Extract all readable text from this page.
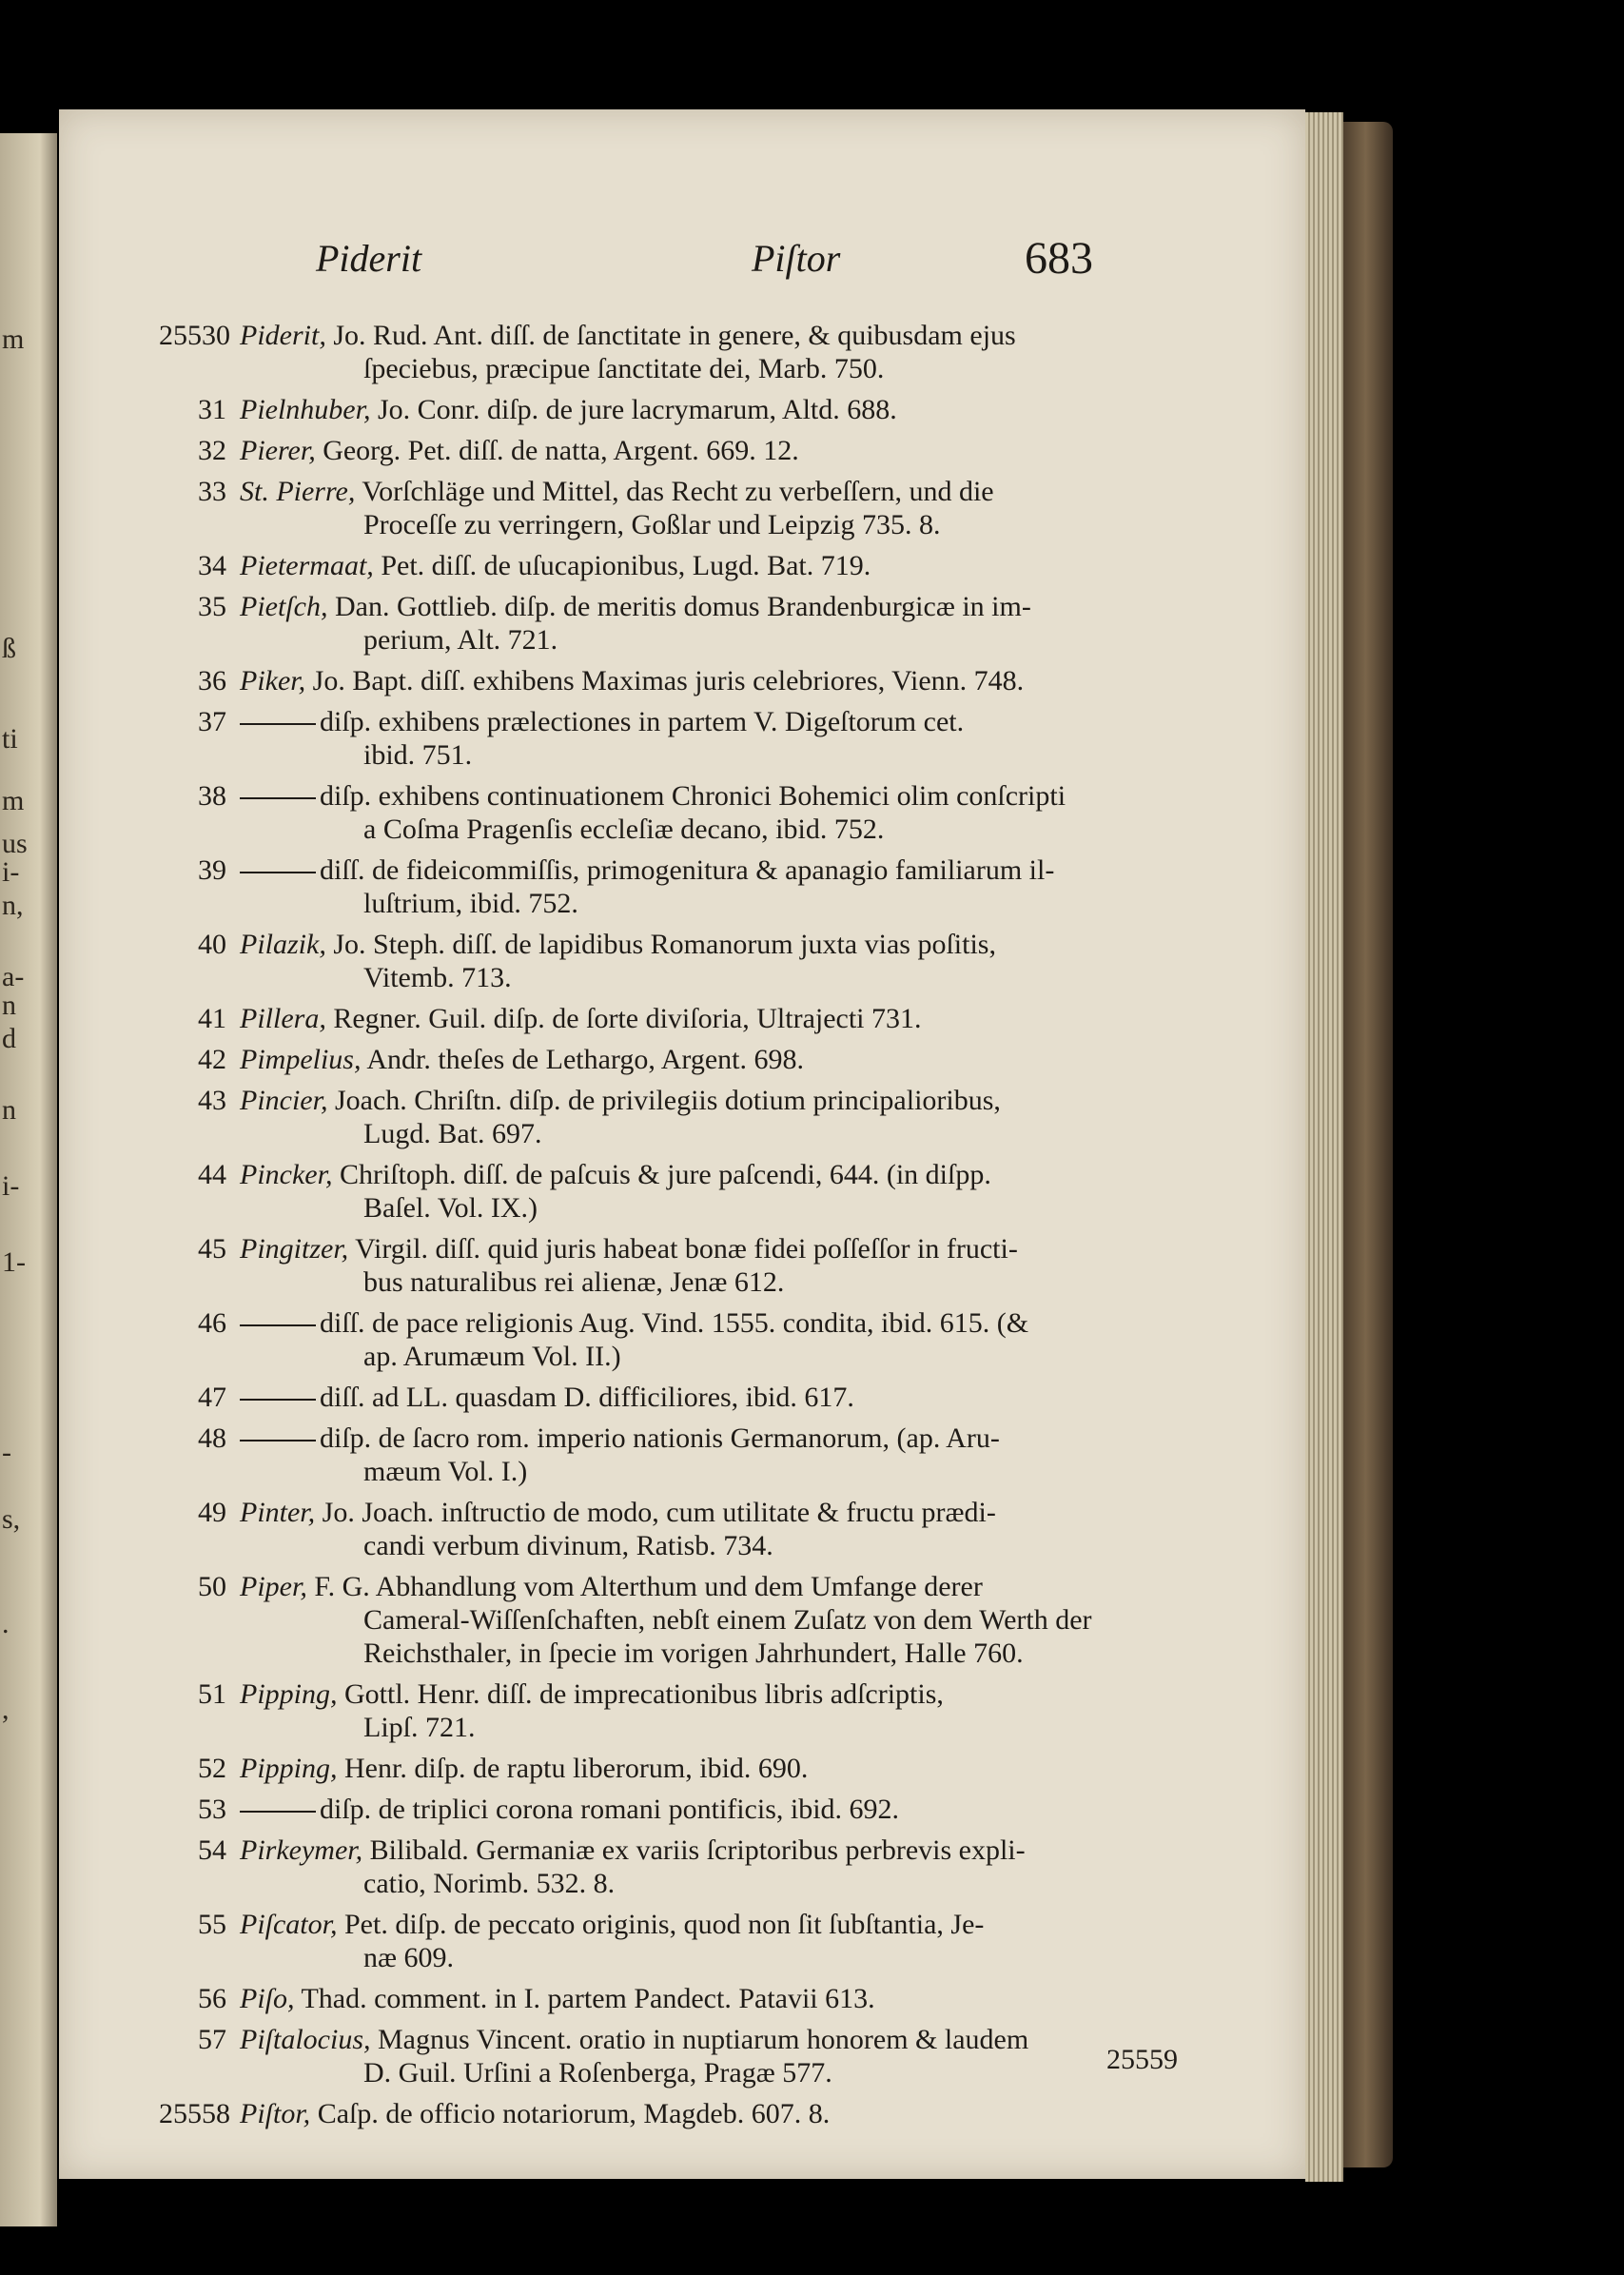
m
ß
ti
m
us
i-
n,
a-
n
d
n
i-
1-
-
s,
.
,
Piderit	Piſtor	683
25530 Piderit, Jo. Rud. Ant. diſſ. de ſanctitate in genere, & quibusdam ejus
ſpeciebus, præcipue ſanctitate dei, Marb. 750.
31 Pielnhuber, Jo. Conr. diſp. de jure lacrymarum, Altd. 688.
32 Pierer, Georg. Pet. diſſ. de natta, Argent. 669. 12.
33 St. Pierre, Vorſchläge und Mittel, das Recht zu verbeſſern, und die
Proceſſe zu verringern, Goßlar und Leipzig 735. 8.
34 Pietermaat, Pet. diſſ. de uſucapionibus, Lugd. Bat. 719.
35 Pietſch, Dan. Gottlieb. diſp. de meritis domus Brandenburgicæ in im-
perium, Alt. 721.
36 Piker, Jo. Bapt. diſſ. exhibens Maximas juris celebriores, Vienn. 748.
37	diſp. exhibens prælectiones in partem V. Digeſtorum cet.
ibid. 751.
38	diſp. exhibens continuationem Chronici Bohemici olim conſcripti
a Coſma Pragenſis eccleſiæ decano, ibid. 752.
39	diſſ. de fideicommiſſis, primogenitura & apanagio familiarum il-
luſtrium, ibid. 752.
40 Pilazik, Jo. Steph. diſſ. de lapidibus Romanorum juxta vias poſitis,
Vitemb. 713.
41 Pillera, Regner. Guil. diſp. de ſorte diviſoria, Ultrajecti 731.
42 Pimpelius, Andr. theſes de Lethargo, Argent. 698.
43 Pincier, Joach. Chriſtn. diſp. de privilegiis dotium principalioribus,
Lugd. Bat. 697.
44 Pincker, Chriſtoph. diſſ. de paſcuis & jure paſcendi, 644. (in diſpp.
Baſel. Vol. IX.)
45 Pingitzer, Virgil. diſſ. quid juris habeat bonæ fidei poſſeſſor in fructi-
bus naturalibus rei alienæ, Jenæ 612.
46	diſſ. de pace religionis Aug. Vind. 1555. condita, ibid. 615. (&
ap. Arumæum Vol. II.)
47	diſſ. ad LL. quasdam D. difficiliores, ibid. 617.
48	diſp. de ſacro rom. imperio nationis Germanorum, (ap. Aru-
mæum Vol. I.)
49 Pinter, Jo. Joach. inſtructio de modo, cum utilitate & fructu prædi-
candi verbum divinum, Ratisb. 734.
50 Piper, F. G. Abhandlung vom Alterthum und dem Umfange derer
Cameral-Wiſſenſchaften, nebſt einem Zuſatz von dem Werth der Reichsthaler, in ſpecie im vorigen Jahrhundert, Halle 760.
51 Pipping, Gottl. Henr. diſſ. de imprecationibus libris adſcriptis,
Lipſ. 721.
52 Pipping, Henr. diſp. de raptu liberorum, ibid. 690.
53	diſp. de triplici corona romani pontificis, ibid. 692.
54 Pirkeymer, Bilibald. Germaniæ ex variis ſcriptoribus perbrevis expli-
catio, Norimb. 532. 8.
55 Piſcator, Pet. diſp. de peccato originis, quod non ſit ſubſtantia, Je-
næ 609.
56 Piſo, Thad. comment. in I. partem Pandect. Patavii 613.
57 Piſtalocius, Magnus Vincent. oratio in nuptiarum honorem & laudem
D. Guil. Urſini a Roſenberga, Pragæ 577.
25558 Piſtor, Caſp. de officio notariorum, Magdeb. 607. 8.
25559
